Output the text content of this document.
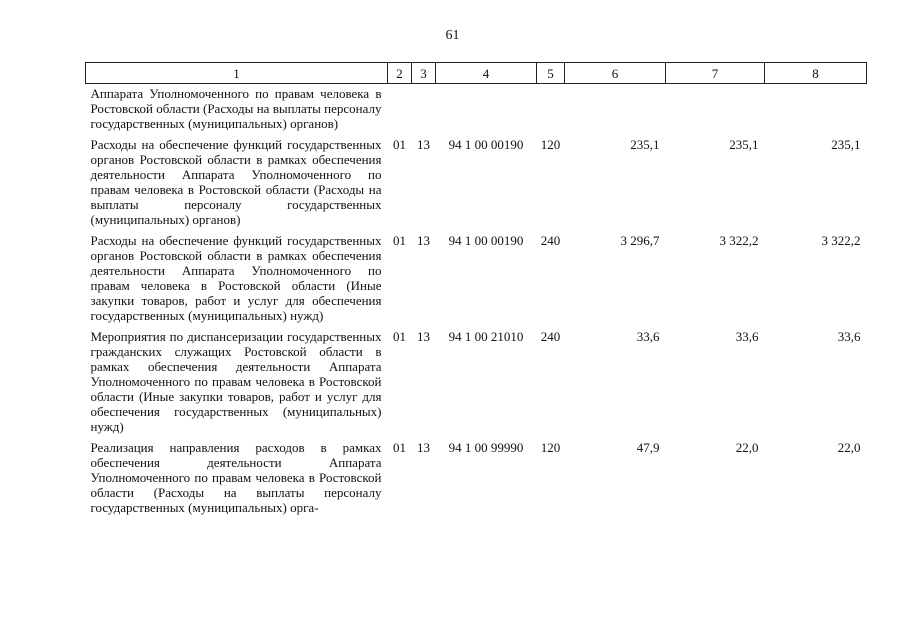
61
1	2	3	4	5	6	7	8
Аппарата Уполномоченного по правам человека в Ростовской области (Расходы на выплаты персоналу государственных (муниципальных) органов)							
Расходы на обеспечение функций государственных органов Ростовской области в рамках обеспечения деятельности Аппарата Уполномоченного по правам человека в Ростовской области (Расходы на выплаты персоналу государственных (муниципальных) органов)	01	13	94 1 00 00190	120	235,1	235,1	235,1
Расходы на обеспечение функций государственных органов Ростовской области в рамках обеспечения деятельности Аппарата Уполномоченного по правам человека в Ростовской области (Иные закупки товаров, работ и услуг для обеспечения государственных (муниципальных) нужд)	01	13	94 1 00 00190	240	3 296,7	3 322,2	3 322,2
Мероприятия по диспансеризации государственных гражданских служащих Ростовской области в рамках обеспечения деятельности Аппарата Уполномоченного по правам человека в Ростовской области (Иные закупки товаров, работ и услуг для обеспечения государственных (муниципальных) нужд)	01	13	94 1 00 21010	240	33,6	33,6	33,6
Реализация направления расходов в рамках обеспечения деятельности Аппарата Уполномоченного по правам человека в Ростовской области (Расходы на выплаты персоналу государственных (муниципальных) орга-	01	13	94 1 00 99990	120	47,9	22,0	22,0
